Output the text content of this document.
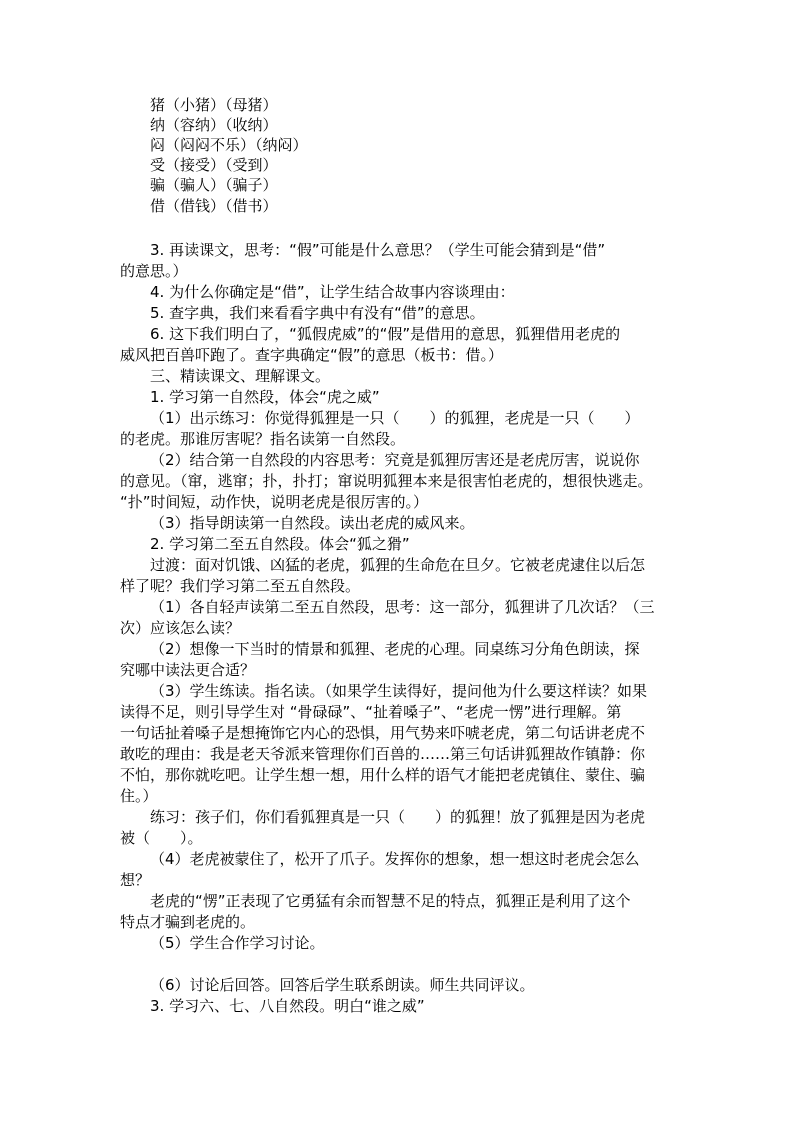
猪（小猪）（母猪）
纳（容纳）（收纳）
闷（闷闷不乐）（纳闷）
受（接受）（受到）
骗（骗人）（骗子）
借（借钱）（借书）
3. 再读课文，思考：“假”可能是什么意思？（学生可能会猜到是“借”
的意思。）
4. 为什么你确定是“借”，让学生结合故事内容谈理由：
5. 查字典，我们来看看字典中有没有“借”的意思。
6. 这下我们明白了，“狐假虎威”的“假”是借用的意思，狐狸借用老虎的
威风把百兽吓跑了。查字典确定“假”的意思（板书：借。）
三、精读课文、理解课文。
1. 学习第一自然段，体会“虎之威”
（1）出示练习：你觉得狐狸是一只（　　）的狐狸，老虎是一只（　　）
的老虎。那谁厉害呢？指名读第一自然段。
（2）结合第一自然段的内容思考：究竟是狐狸厉害还是老虎厉害，说说你
的意见。（窜，逃窜；扑，扑打；窜说明狐狸本来是很害怕老虎的，想很快逃走。
“扑”时间短，动作快，说明老虎是很厉害的。）
（3）指导朗读第一自然段。读出老虎的威风来。
2. 学习第二至五自然段。体会“狐之猾”
过渡：面对饥饿、凶猛的老虎，狐狸的生命危在旦夕。它被老虎逮住以后怎
样了呢？我们学习第二至五自然段。
（1）各自轻声读第二至五自然段，思考：这一部分，狐狸讲了几次话？（三
次）应该怎么读？
（2）想像一下当时的情景和狐狸、老虎的心理。同桌练习分角色朗读，探
究哪中读法更合适？
（3）学生练读。指名读。（如果学生读得好，提问他为什么要这样读？如果
读得不足，则引导学生对 “骨碌碌”、“扯着嗓子”、“老虎一愣”进行理解。第
一句话扯着嗓子是想掩饰它内心的恐惧，用气势来吓唬老虎，第二句话讲老虎不
敢吃的理由：我是老天爷派来管理你们百兽的……第三句话讲狐狸故作镇静：你
不怕，那你就吃吧。让学生想一想，用什么样的语气才能把老虎镇住、蒙住、骗
住。）
练习：孩子们，你们看狐狸真是一只（　　）的狐狸！放了狐狸是因为老虎
被（　　）。
（4）老虎被蒙住了，松开了爪子。发挥你的想象，想一想这时老虎会怎么
想？
老虎的“愣”正表现了它勇猛有余而智慧不足的特点，狐狸正是利用了这个
特点才骗到老虎的。
（5）学生合作学习讨论。
（6）讨论后回答。回答后学生联系朗读。师生共同评议。
3. 学习六、七、八自然段。明白“谁之威”
